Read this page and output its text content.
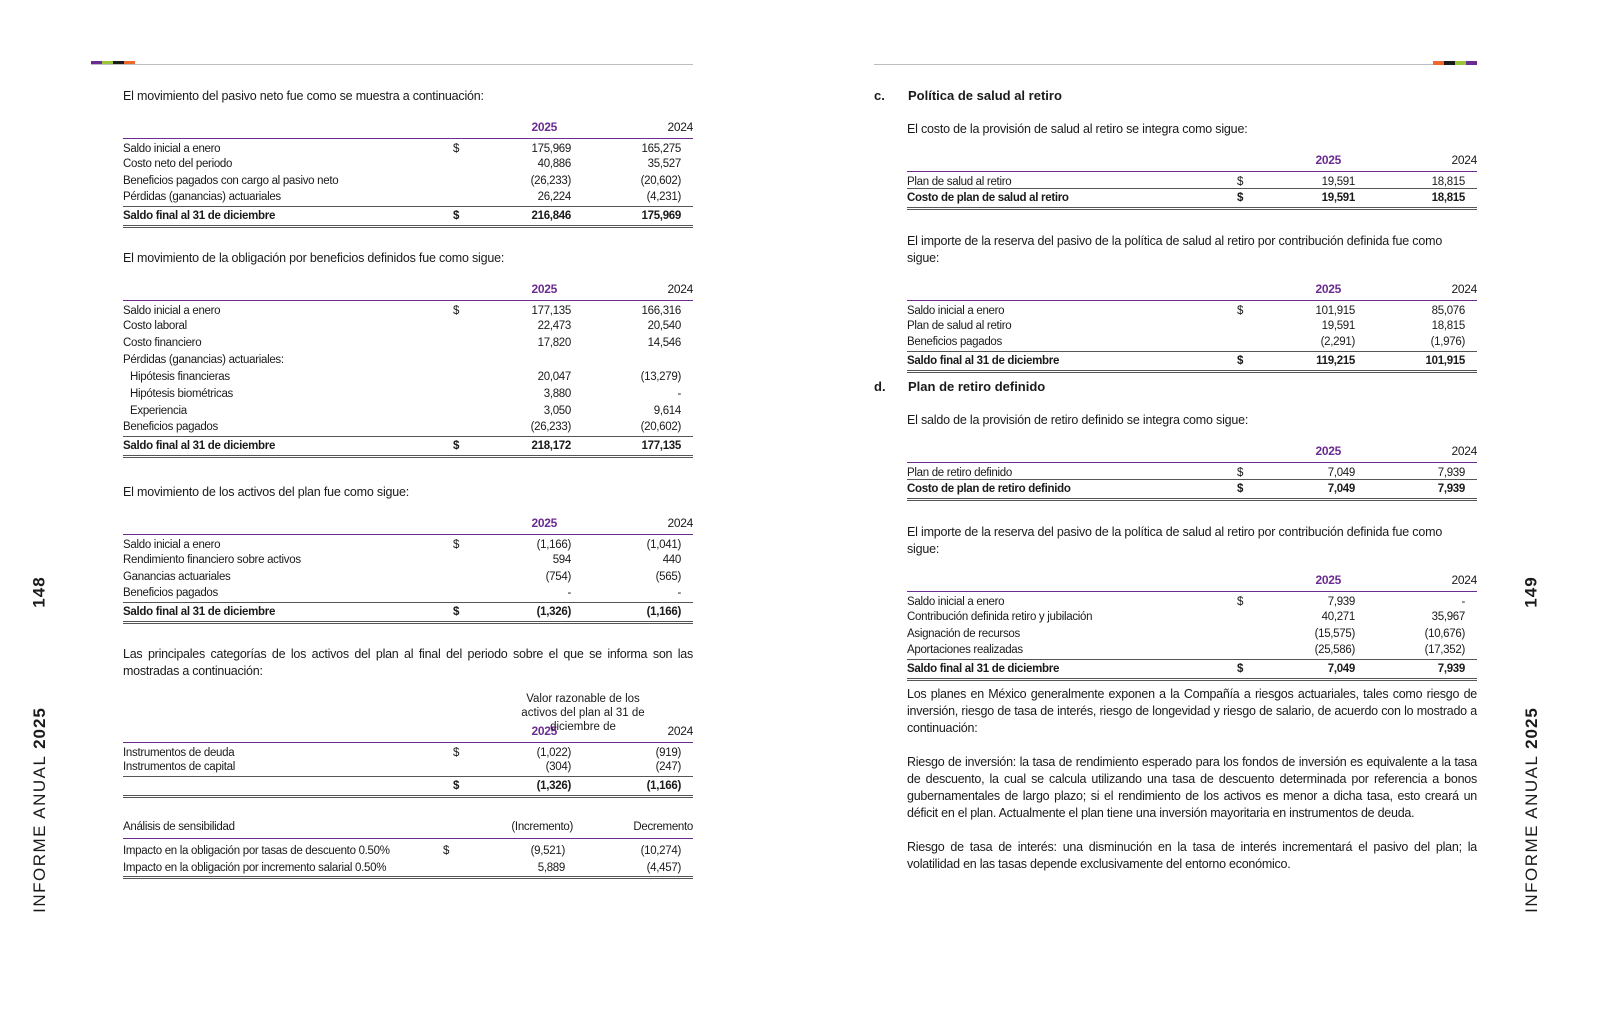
148
INFORME ANUAL 2025
El movimiento del pasivo neto fue como se muestra a continuación:
		2025	2024
Saldo inicial a enero	$	175,969	165,275
Costo neto del periodo		40,886	35,527
Beneficios pagados con cargo al pasivo neto		(26,233)	(20,602)
Pérdidas (ganancias) actuariales		26,224	(4,231)
Saldo final al 31 de diciembre	$	216,846	175,969
El movimiento de la obligación por beneficios definidos fue como sigue:
		2025	2024
Saldo inicial a enero	$	177,135	166,316
Costo laboral		22,473	20,540
Costo financiero		17,820	14,546
Pérdidas (ganancias) actuariales:			
Hipótesis financieras		20,047	(13,279)
Hipótesis biométricas		3,880	-
Experiencia		3,050	9,614
Beneficios pagados		(26,233)	(20,602)
Saldo final al 31 de diciembre	$	218,172	177,135
El movimiento de los activos del plan fue como sigue:
		2025	2024
Saldo inicial a enero	$	(1,166)	(1,041)
Rendimiento financiero sobre activos		594	440
Ganancias actuariales		(754)	(565)
Beneficios pagados		-	-
Saldo final al 31 de diciembre	$	(1,326)	(1,166)
Las principales categorías de los activos del plan al final del periodo sobre el que se informa son las mostradas a continuación:
Valor razonable de los activos del plan al 31 de diciembre de
		2025	2024
Instrumentos de deuda	$	(1,022)	(919)
Instrumentos de capital		(304)	(247)
	$	(1,326)	(1,166)
Análisis de sensibilidad		(Incremento)	Decremento
Impacto en la obligación por tasas de descuento 0.50%	$	(9,521)	(10,274)
Impacto en la obligación por incremento salarial 0.50%		5,889	(4,457)
149
INFORME ANUAL 2025
c. Política de salud al retiro
El costo de la provisión de salud al retiro se integra como sigue:
		2025	2024
Plan de salud al retiro	$	19,591	18,815
Costo de plan de salud al retiro	$	19,591	18,815
El importe de la reserva del pasivo de la política de salud al retiro por contribución definida fue como sigue:
		2025	2024
Saldo inicial a enero	$	101,915	85,076
Plan de salud al retiro		19,591	18,815
Beneficios pagados		(2,291)	(1,976)
Saldo final al 31 de diciembre	$	119,215	101,915
d. Plan de retiro definido
El saldo de la provisión de retiro definido se integra como sigue:
		2025	2024
Plan de retiro definido	$	7,049	7,939
Costo de plan de retiro definido	$	7,049	7,939
El importe de la reserva del pasivo de la política de salud al retiro por contribución definida fue como sigue:
		2025	2024
Saldo inicial a enero	$	7,939	-
Contribución definida retiro y jubilación		40,271	35,967
Asignación de recursos		(15,575)	(10,676)
Aportaciones realizadas		(25,586)	(17,352)
Saldo final al 31 de diciembre	$	7,049	7,939

Los planes en México generalmente exponen a la Compañía a riesgos actuariales, tales como riesgo de inversión, riesgo de tasa de interés, riesgo de longevidad y riesgo de salario, de acuerdo con lo mostrado a continuación:

Riesgo de inversión: la tasa de rendimiento esperado para los fondos de inversión es equivalente a la tasa de descuento, la cual se calcula utilizando una tasa de descuento determinada por referencia a bonos gubernamentales de largo plazo; si el rendimiento de los activos es menor a dicha tasa, esto creará un déficit en el plan. Actualmente el plan tiene una inversión mayoritaria en instrumentos de deuda.

Riesgo de tasa de interés: una disminución en la tasa de interés incrementará el pasivo del plan; la volatilidad en las tasas depende exclusivamente del entorno económico.
